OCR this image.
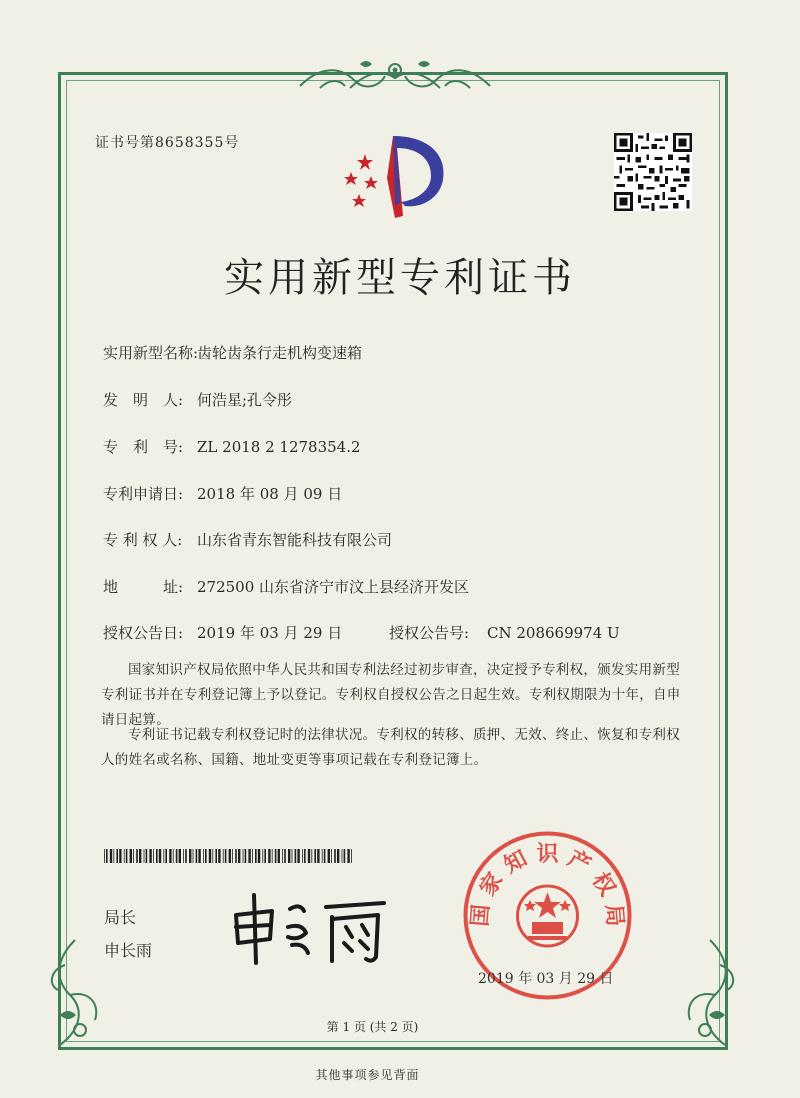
证书号第8658355号
实用新型专利证书
实用新型名称:齿轮齿条行走机构变速箱
发　明　人: 何浩星;孔令彤
专　利　号: ZL 2018 2 1278354.2
专利申请日: 2018 年 08 月 09 日
专 利 权 人: 山东省青东智能科技有限公司
地　　　址: 272500 山东省济宁市汶上县经济开发区
授权公告日: 2019 年 03 月 29 日	授权公告号: CN 208669974 U
国家知识产权局依照中华人民共和国专利法经过初步审查，决定授予专利权，颁发实用新型专利证书并在专利登记簿上予以登记。专利权自授权公告之日起生效。专利权期限为十年，自申请日起算。
专利证书记载专利权登记时的法律状况。专利权的转移、质押、无效、终止、恢复和专利权人的姓名或名称、国籍、地址变更等事项记载在专利登记簿上。
局长
申长雨
国 家 知 识 产 权 局
2019 年 03 月 29 日
第 1 页 (共 2 页)
其他事项参见背面
